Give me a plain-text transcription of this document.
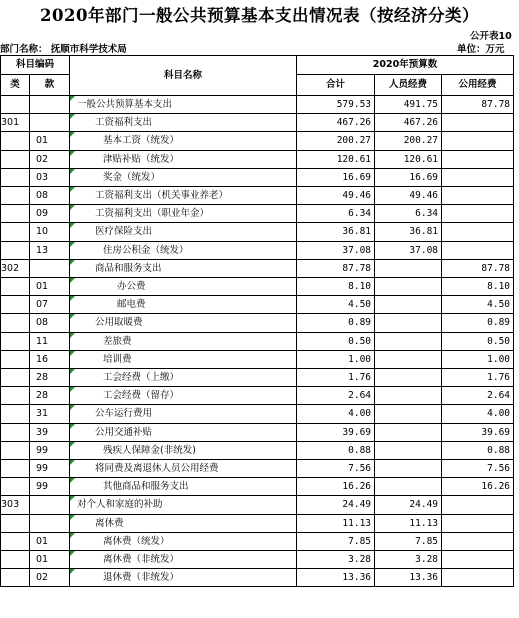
2020年部门一般公共预算基本支出情况表（按经济分类）
公开表10
部门名称： 抚顺市科学技术局	单位：万元
科目编码		科目名称	2020年预算数		
类	款		合计	人员经费	公用经费

一般公共预算基本支出	579.53	491.75	87.78
301		工资福利支出	467.26	467.26	
	01	基本工资（统发）	200.27	200.27	
	02	津贴补贴（统发）	120.61	120.61	
	03	奖金（统发）	16.69	16.69	
	08	工资福利支出（机关事业养老）	49.46	49.46	
	09	工资福利支出（职业年金）	6.34	6.34	
	10	医疗保险支出	36.81	36.81	
	13	住房公积金（统发）	37.08	37.08	
302		商品和服务支出	87.78		87.78
	01	办公费	8.10		8.10
	07	邮电费	4.50		4.50
	08	公用取暖费	0.89		0.89
	11	差旅费	0.50		0.50
	16	培训费	1.00		1.00
	28	工会经费（上缴）	1.76		1.76
	28	工会经费（留存）	2.64		2.64
	31	公车运行费用	4.00		4.00
	39	公用交通补贴	39.69		39.69
	99	残疾人保障金(非统发)	0.88		0.88
	99	将同费及离退休人员公用经费	7.56		7.56
	99	其他商品和服务支出	16.26		16.26
303		对个人和家庭的补助	24.49	24.49	

离休费	11.13	11.13	
	01	离休费（统发）	7.85	7.85	
	01	离休费（非统发）	3.28	3.28	
	02	退休费（非统发）	13.36	13.36	
